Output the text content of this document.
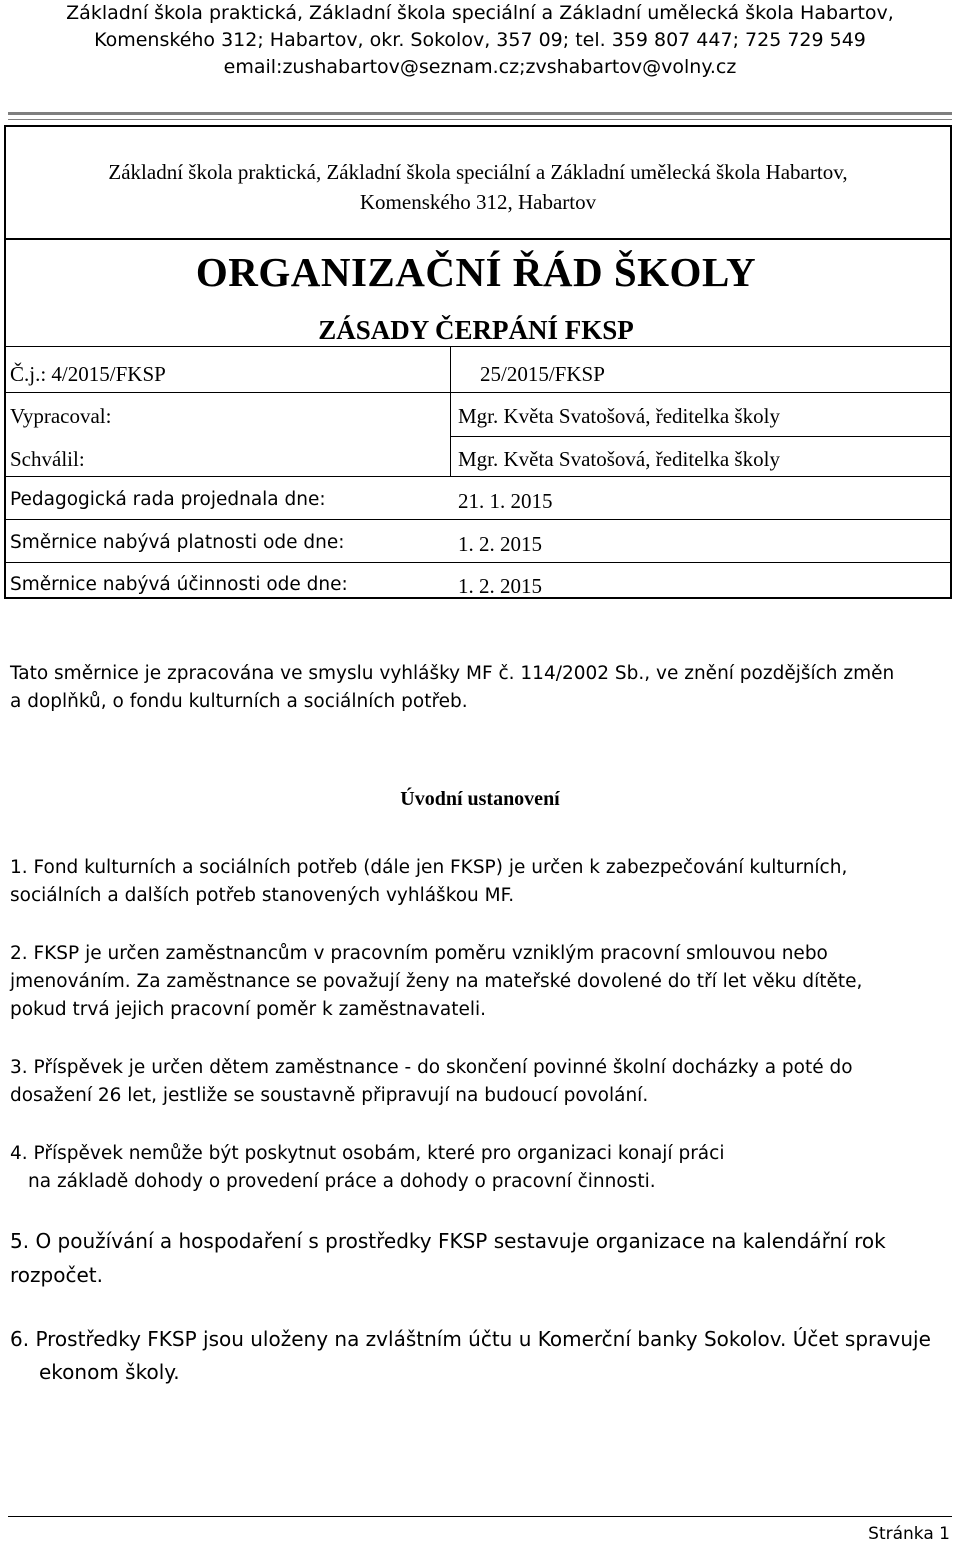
Základní škola praktická, Základní škola speciální a Základní umělecká škola Habartov,
Komenského 312; Habartov, okr. Sokolov, 357 09; tel. 359 807 447; 725 729 549
email:zushabartov@seznam.cz;zvshabartov@volny.cz
Základní škola praktická, Základní škola speciální a Základní umělecká škola Habartov,
Komenského 312, Habartov
ORGANIZAČNÍ ŘÁD ŠKOLY
ZÁSADY ČERPÁNÍ FKSP
Č.j.: 4/2015/FKSP	25/2015/FKSP
Vypracoval:	Mgr. Květa Svatošová, ředitelka školy
Schválil:	Mgr. Květa Svatošová, ředitelka školy
Pedagogická rada projednala dne:	21. 1. 2015
Směrnice nabývá platnosti ode dne:	1. 2. 2015
Směrnice nabývá účinnosti ode dne:	1. 2. 2015
Tato směrnice je zpracována ve smyslu vyhlášky MF č. 114/2002 Sb., ve znění pozdějších změn
a doplňků, o fondu kulturních a sociálních potřeb.
Úvodní ustanovení
1. Fond kulturních a sociálních potřeb (dále jen FKSP) je určen k zabezpečování kulturních,
sociálních a dalších potřeb stanovených vyhláškou MF.
2. FKSP je určen zaměstnancům v pracovním poměru vzniklým pracovní smlouvou nebo
jmenováním. Za zaměstnance se považují ženy na mateřské dovolené do tří let věku dítěte,
pokud trvá jejich pracovní poměr k zaměstnavateli.
3. Příspěvek je určen dětem zaměstnance - do skončení povinné školní docházky a poté do
dosažení 26 let, jestliže se soustavně připravují na budoucí povolání.
4. Příspěvek nemůže být poskytnut osobám, které pro organizaci konají práci
na základě dohody o provedení práce a dohody o pracovní činnosti.
5. O používání a hospodaření s prostředky FKSP sestavuje organizace na kalendářní rok
rozpočet.
6. Prostředky FKSP jsou uloženy na zvláštním účtu u Komerční banky Sokolov. Účet spravuje
ekonom školy.
Stránka 1
